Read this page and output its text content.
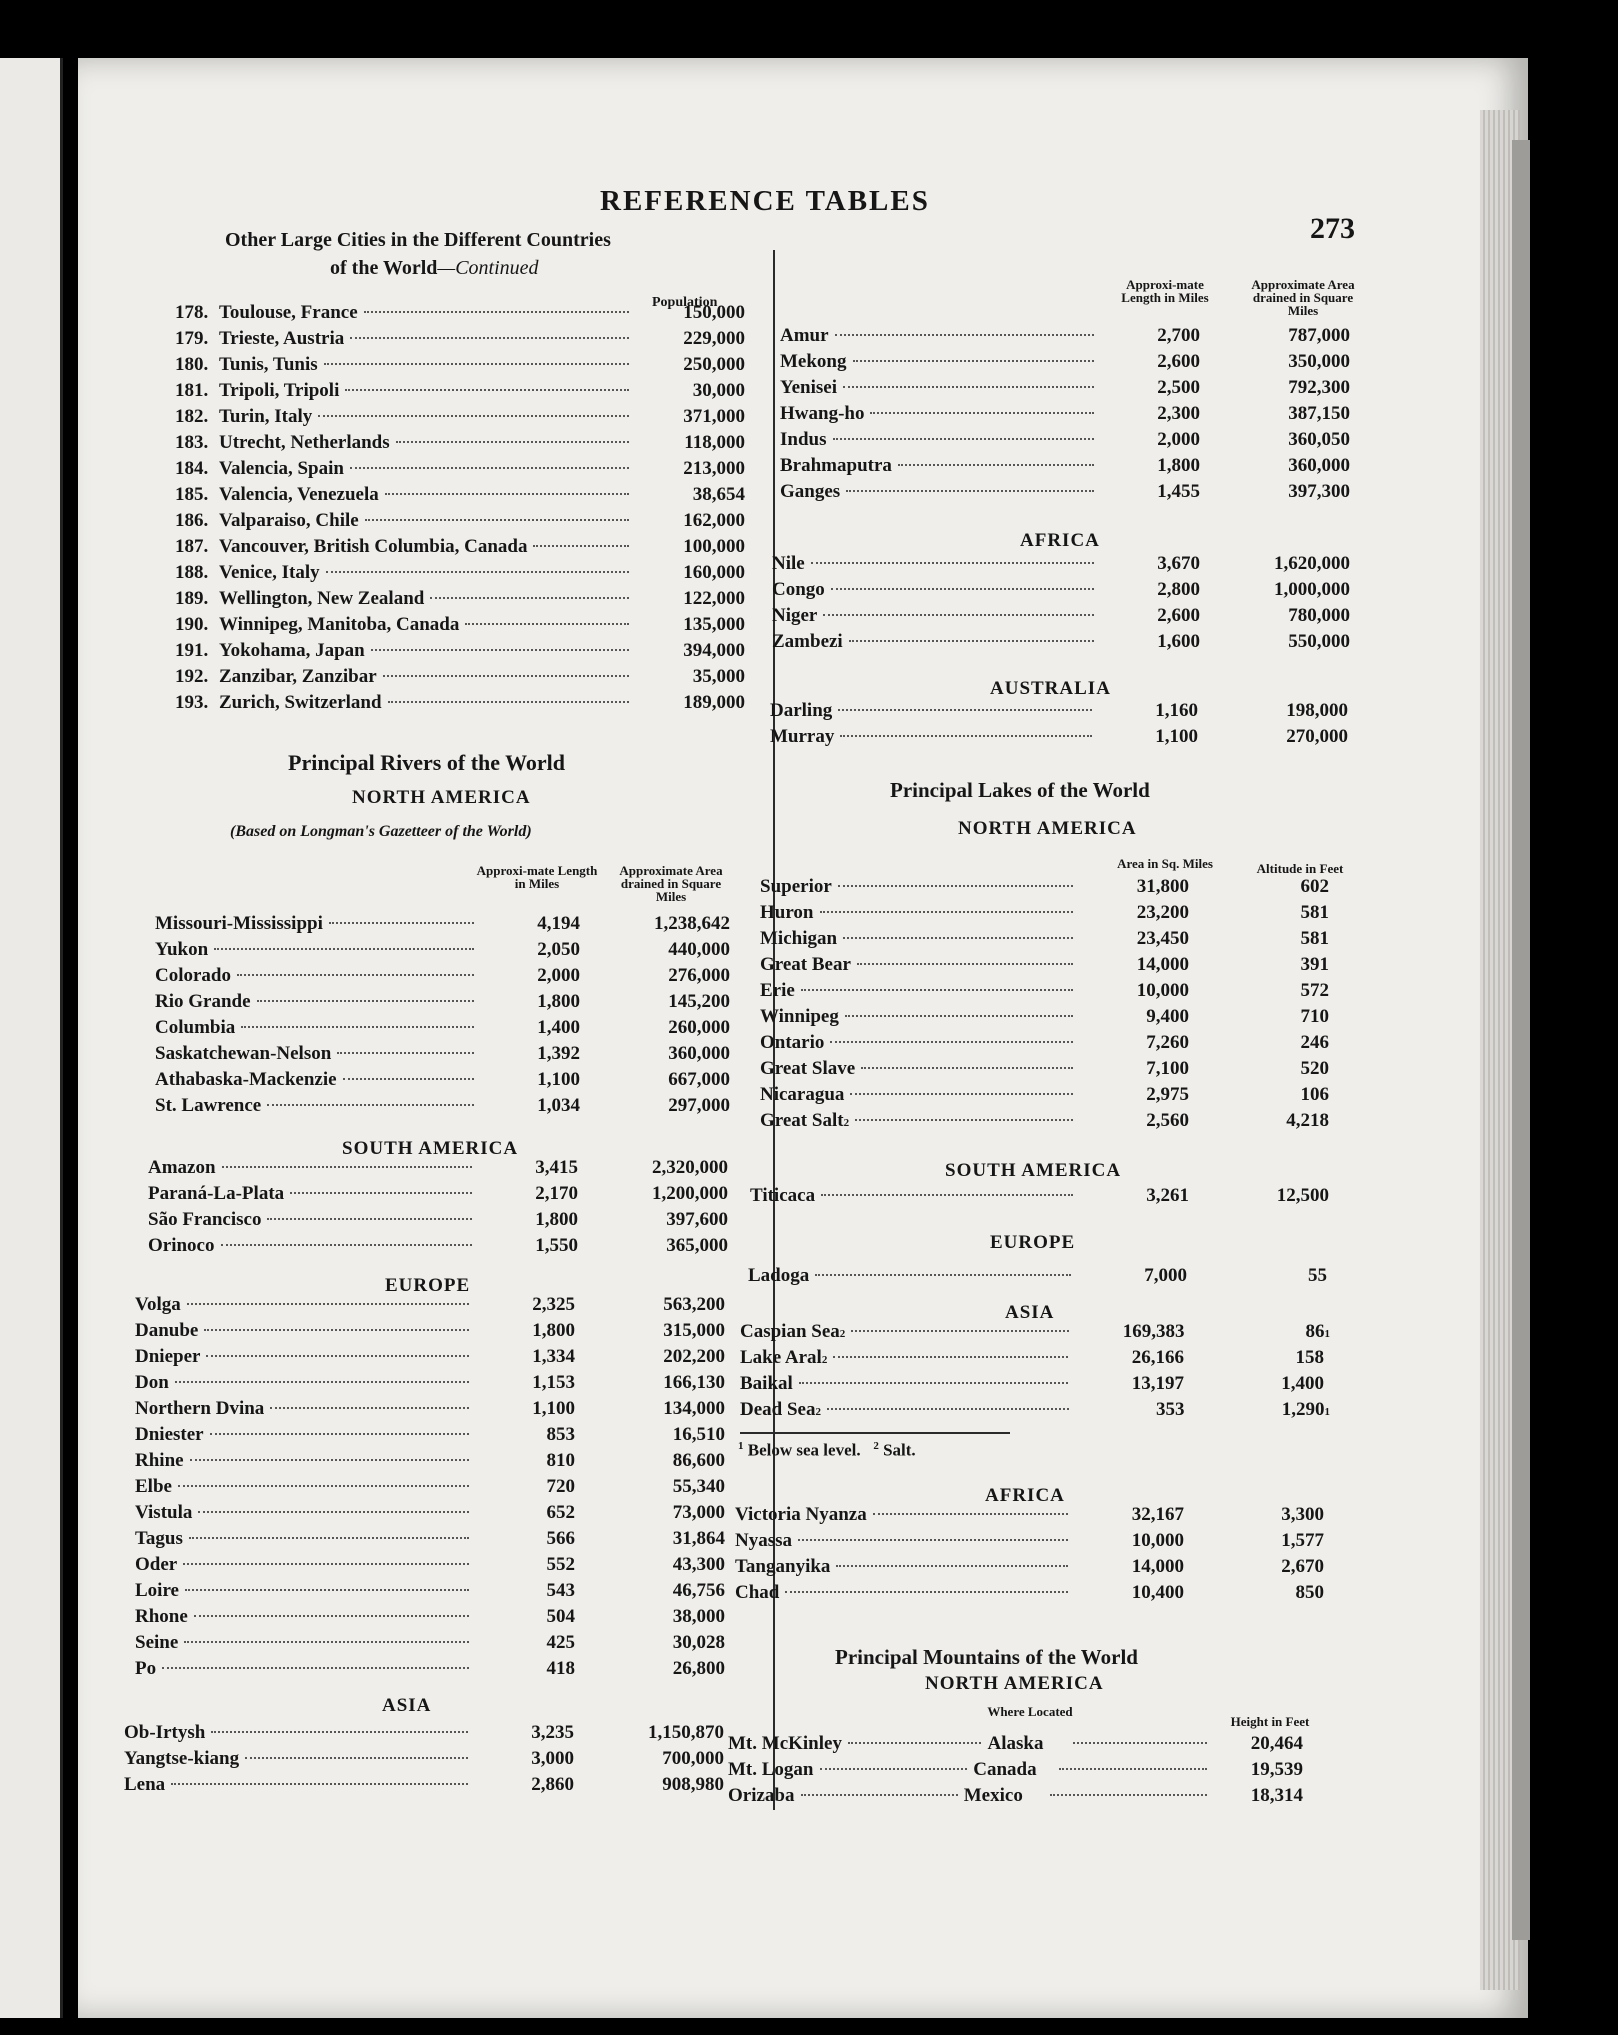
REFERENCE TABLES
273
Other Large Cities in the Different Countries
of the World—Continued
Population
178. Toulouse, France	150,000
179. Trieste, Austria	229,000
180. Tunis, Tunis	250,000
181. Tripoli, Tripoli	30,000
182. Turin, Italy	371,000
183. Utrecht, Netherlands	118,000
184. Valencia, Spain	213,000
185. Valencia, Venezuela	38,654
186. Valparaiso, Chile	162,000
187. Vancouver, British Columbia, Canada	100,000
188. Venice, Italy	160,000
189. Wellington, New Zealand	122,000
190. Winnipeg, Manitoba, Canada	135,000
191. Yokohama, Japan	394,000
192. Zanzibar, Zanzibar	35,000
193. Zurich, Switzerland	189,000
Principal Rivers of the World
NORTH AMERICA
(Based on Longman's Gazetteer of the World)
Approxi-mate Length in Miles
Approximate Area drained in Square Miles
Missouri-Mississippi	4,194	1,238,642
Yukon	2,050	440,000
Colorado	2,000	276,000
Rio Grande	1,800	145,200
Columbia	1,400	260,000
Saskatchewan-Nelson	1,392	360,000
Athabaska-Mackenzie	1,100	667,000
St. Lawrence	1,034	297,000
SOUTH AMERICA
Amazon	3,415	2,320,000
Paraná-La-Plata	2,170	1,200,000
São Francisco	1,800	397,600
Orinoco	1,550	365,000
EUROPE
Volga	2,325	563,200
Danube	1,800	315,000
Dnieper	1,334	202,200
Don	1,153	166,130
Northern Dvina	1,100	134,000
Dniester	853	16,510
Rhine	810	86,600
Elbe	720	55,340
Vistula	652	73,000
Tagus	566	31,864
Oder	552	43,300
Loire	543	46,756
Rhone	504	38,000
Seine	425	30,028
Po	418	26,800
ASIA
Ob-Irtysh	3,235	1,150,870
Yangtse-kiang	3,000	700,000
Lena	2,860	908,980
Approxi-mate Length in Miles
Approximate Area drained in Square Miles
Amur	2,700	787,000
Mekong	2,600	350,000
Yenisei	2,500	792,300
Hwang-ho	2,300	387,150
Indus	2,000	360,050
Brahmaputra	1,800	360,000
Ganges	1,455	397,300
AFRICA
Nile	3,670	1,620,000
Congo	2,800	1,000,000
Niger	2,600	780,000
Zambezi	1,600	550,000
AUSTRALIA
Darling	1,160	198,000
Murray	1,100	270,000
Principal Lakes of the World
NORTH AMERICA
Area in Sq. Miles	Altitude in Feet
Superior	31,800	602
Huron	23,200	581
Michigan	23,450	581
Great Bear	14,000	391
Erie	10,000	572
Winnipeg	9,400	710
Ontario	7,260	246
Great Slave	7,100	520
Nicaragua	2,975	106
Great Salt 2	2,560	4,218
SOUTH AMERICA
Titicaca	3,261	12,500
EUROPE
Ladoga	7,000	55
ASIA
Caspian Sea 2	169,383	86 1
Lake Aral 2	26,166	158
Baikal	13,197	1,400
Dead Sea 2	353	1,290 1
$^1$ Below sea level. $^2$ Salt.
AFRICA
Victoria Nyanza	32,167	3,300
Nyassa	10,000	1,577
Tanganyika	14,000	2,670
Chad	10,400	850
Principal Mountains of the World
NORTH AMERICA
Where Located
Height in Feet
Mt. McKinley	Alaska	20,464
Mt. Logan	Canada	19,539
Orizaba	Mexico	18,314
